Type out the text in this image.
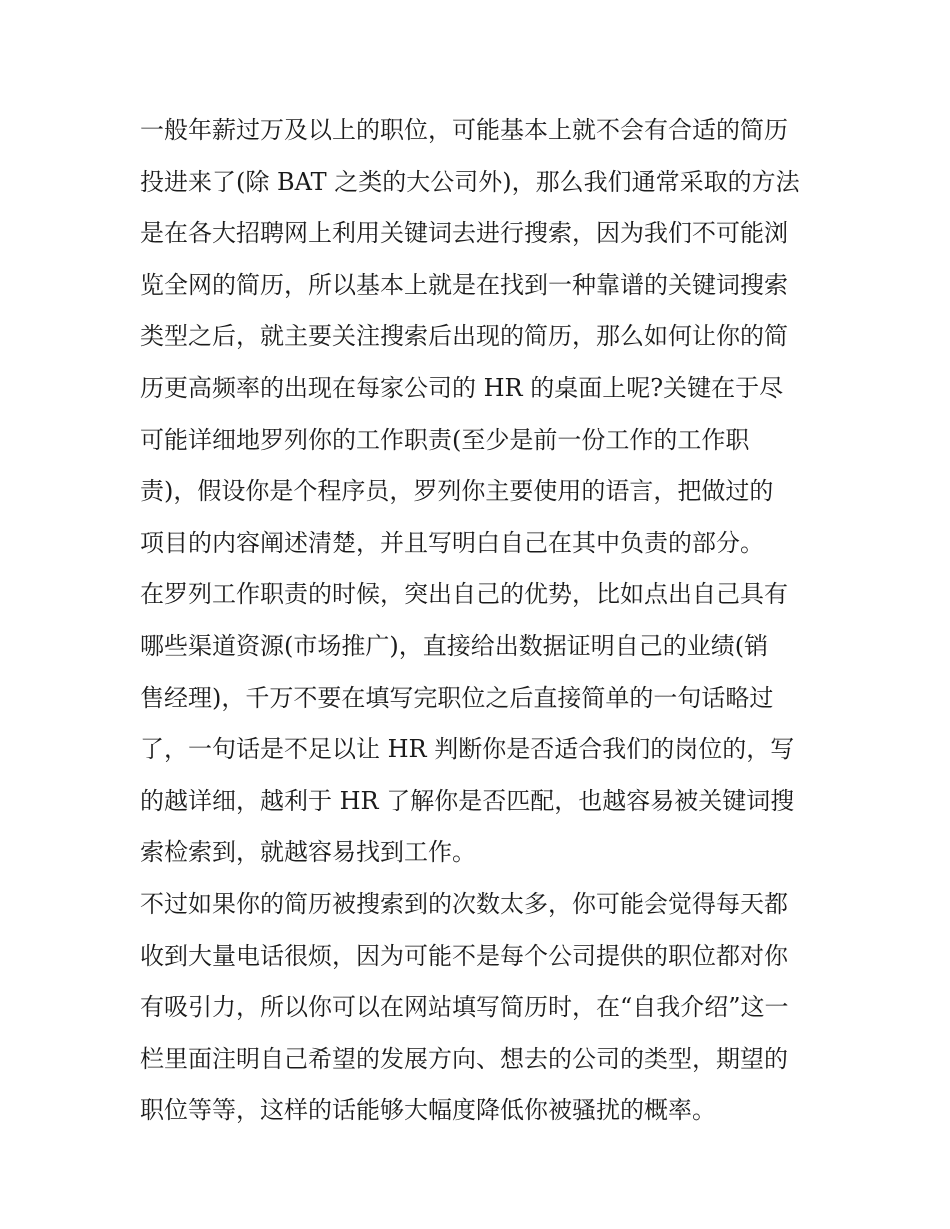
一般年薪过万及以上的职位，可能基本上就不会有合适的简历
投进来了(除 BAT 之类的大公司外)，那么我们通常采取的方法
是在各大招聘网上利用关键词去进行搜索，因为我们不可能浏
览全网的简历，所以基本上就是在找到一种靠谱的关键词搜索
类型之后，就主要关注搜索后出现的简历，那么如何让你的简
历更高频率的出现在每家公司的 HR 的桌面上呢?关键在于尽
可能详细地罗列你的工作职责(至少是前一份工作的工作职
责)，假设你是个程序员，罗列你主要使用的语言，把做过的
项目的内容阐述清楚，并且写明白自己在其中负责的部分。
在罗列工作职责的时候，突出自己的优势，比如点出自己具有
哪些渠道资源(市场推广)，直接给出数据证明自己的业绩(销
售经理)，千万不要在填写完职位之后直接简单的一句话略过
了，一句话是不足以让 HR 判断你是否适合我们的岗位的，写
的越详细，越利于 HR 了解你是否匹配，也越容易被关键词搜
索检索到，就越容易找到工作。
不过如果你的简历被搜索到的次数太多，你可能会觉得每天都
收到大量电话很烦，因为可能不是每个公司提供的职位都对你
有吸引力，所以你可以在网站填写简历时，在“自我介绍”这一
栏里面注明自己希望的发展方向、想去的公司的类型，期望的
职位等等，这样的话能够大幅度降低你被骚扰的概率。
